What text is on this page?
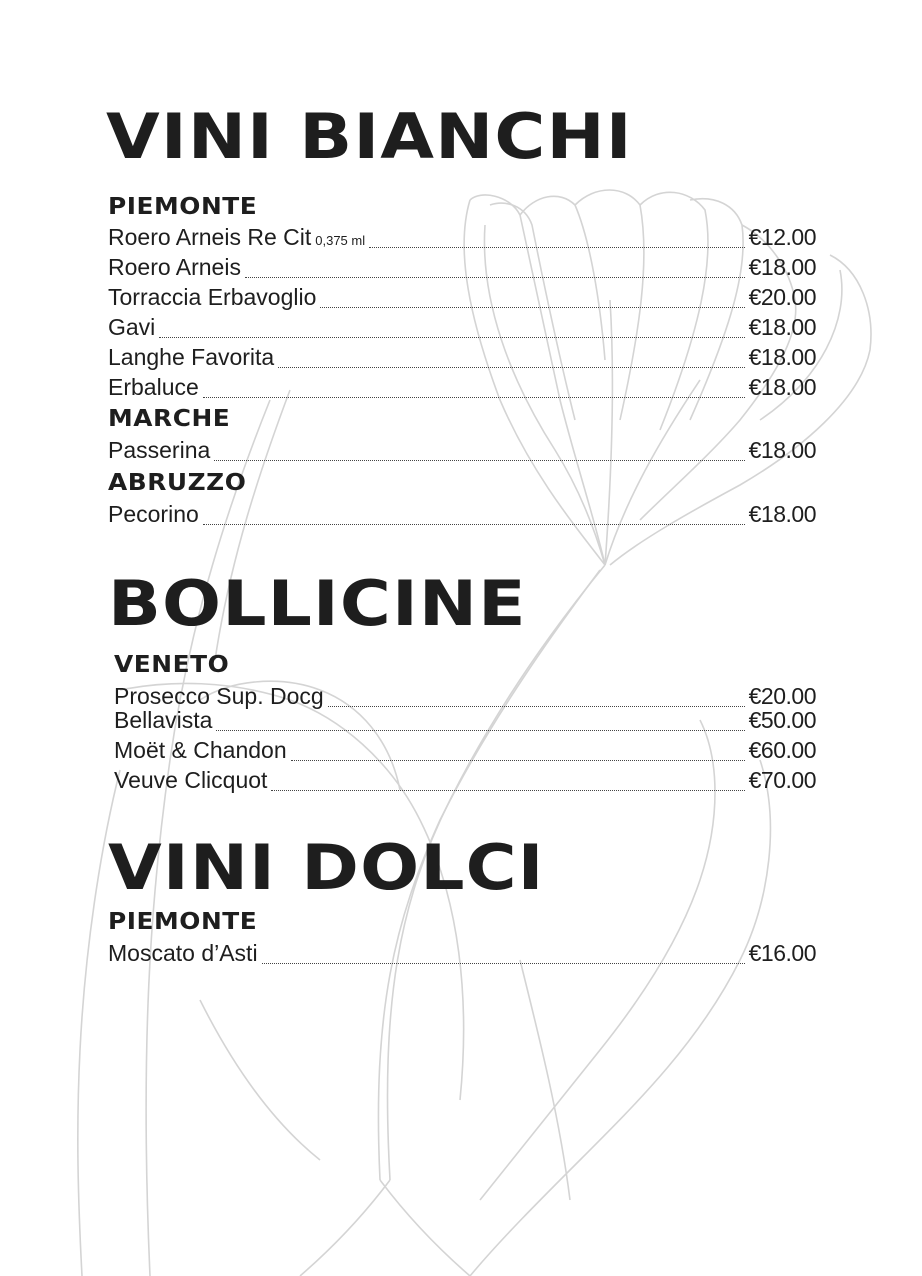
VINI BIANCHI
PIEMONTE
Roero Arneis Re Cit 0,375 ml	€12.00
Roero Arneis	€18.00
Torraccia Erbavoglio	€20.00
Gavi	€18.00
Langhe Favorita	€18.00
Erbaluce	€18.00
MARCHE
Passerina	€18.00
ABRUZZO
Pecorino	€18.00
BOLLICINE
VENETO
Prosecco Sup. Docg	€20.00
Bellavista	€50.00
Moët & Chandon	€60.00
Veuve Clicquot	€70.00
VINI DOLCI
PIEMONTE
Moscato d’Asti	€16.00
